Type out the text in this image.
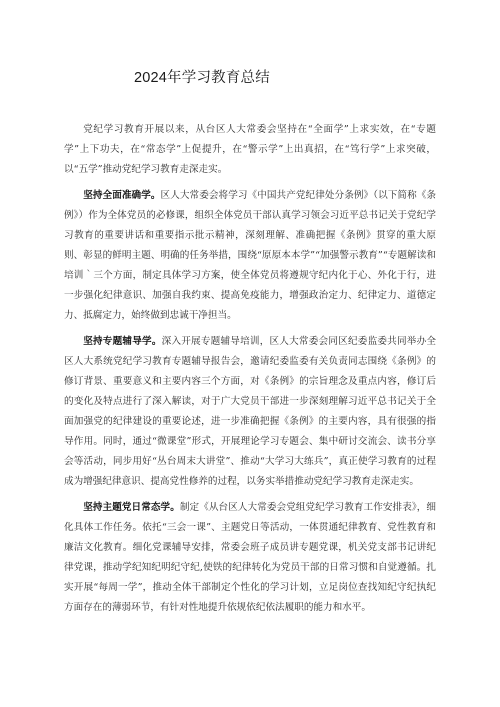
2024年学习教育总结

党纪学习教育开展以来，从台区人大常委会坚持在“全面学”上求实效，在“专题学”上下功夫，在“常态学”上促提升，在“警示学”上出真招，在“笃行学”上求突破，以“五学”推动党纪学习教育走深走实。

坚持全面准确学。区人大常委会将学习《中国共产党纪律处分条例》（以下简称《条例》）作为全体党员的必修课，组织全体党员干部认真学习领会习近平总书记关于党纪学习教育的重要讲话和重要指示批示精神，深刻理解、准确把握《条例》贯穿的重大原则、彰显的鲜明主题、明确的任务举措，围绕“原原本本学”“加强警示教育”“专题解读和培训｀三个方面，制定具体学习方案，使全体党员将遵规守纪内化于心、外化于行，进一步强化纪律意识、加强自我约束、提高免疫能力，增强政治定力、纪律定力、道德定力、抵腐定力，始终做到忠诚干净担当。

坚持专题辅导学。深入开展专题辅导培训，区人大常委会同区纪委监委共同举办全区人大系统党纪学习教育专题辅导报告会，邀请纪委监委有关负责同志围绕《条例》的修订背景、重要意义和主要内容三个方面，对《条例》的宗旨理念及重点内容，修订后的变化及特点进行了深入解读，对于广大党员干部进一步深刻理解习近平总书记关于全面加强党的纪律建设的重要论述，进一步准确把握《条例》的主要内容，具有很强的指导作用。同时，通过“微课堂”形式，开展理论学习专题会、集中研讨交流会、读书分享会等活动，同步用好“丛台周末大讲堂”、推动“大学习大练兵”，真正使学习教育的过程成为增强纪律意识、提高党性修养的过程，以务实举措推动党纪学习教育走深走实。

坚持主题党日常态学。制定《从台区人大常委会党组党纪学习教育工作安排表》，细化具体工作任务。依托“三会一课”、主题党日等活动，一体贯通纪律教育、党性教育和廉洁文化教育。细化党课辅导安排，常委会班子成员讲专题党课，机关党支部书记讲纪律党课，推动学纪知纪明纪守纪,使铁的纪律转化为党员干部的日常习惯和自觉遵循。扎实开展“每周一学”，推动全体干部制定个性化的学习计划，立足岗位查找知纪守纪执纪方面存在的薄弱环节，有针对性地提升依规依纪依法履职的能力和水平。
